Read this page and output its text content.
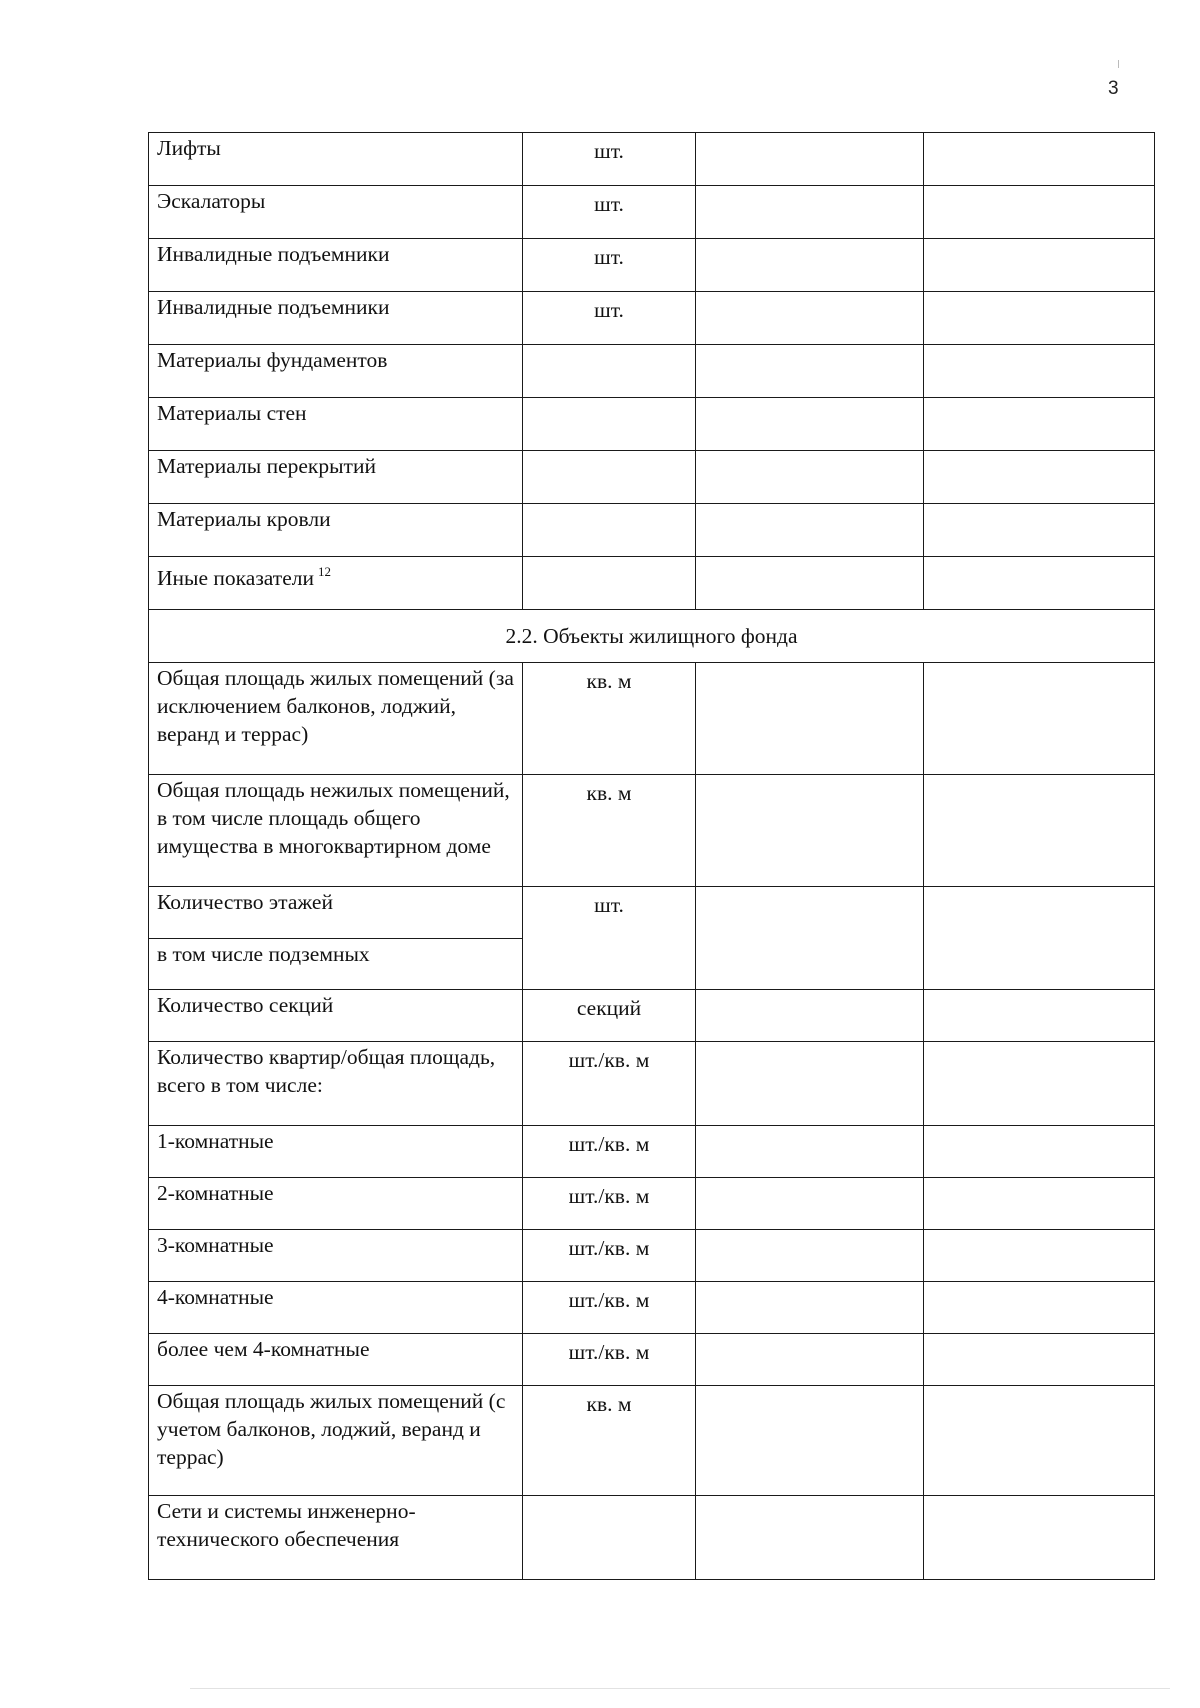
3
Лифты	шт.		
Эскалаторы	шт.		
Инвалидные подъемники	шт.		
Инвалидные подъемники	шт.		
Материалы фундаментов			
Материалы стен			
Материалы перекрытий			
Материалы кровли			
Иные показатели $^{12}$			
2.2. Объекты жилищного фонда			
Общая площадь жилых помещений (за исключением балконов, лоджий, веранд и террас)	кв. м		
Общая площадь нежилых помещений, в том числе площадь общего имущества в многоквартирном доме	кв. м		
Количество этажей	шт.		
в том числе подземных			
Количество секций	секций		
Количество квартир/общая площадь, всего в том числе:	шт./кв. м		
1-комнатные	шт./кв. м		
2-комнатные	шт./кв. м		
3-комнатные	шт./кв. м		
4-комнатные	шт./кв. м		
более чем 4-комнатные	шт./кв. м		
Общая площадь жилых помещений (с учетом балконов, лоджий, веранд и террас)	кв. м		
Сети и системы инженерно-технического обеспечения			
